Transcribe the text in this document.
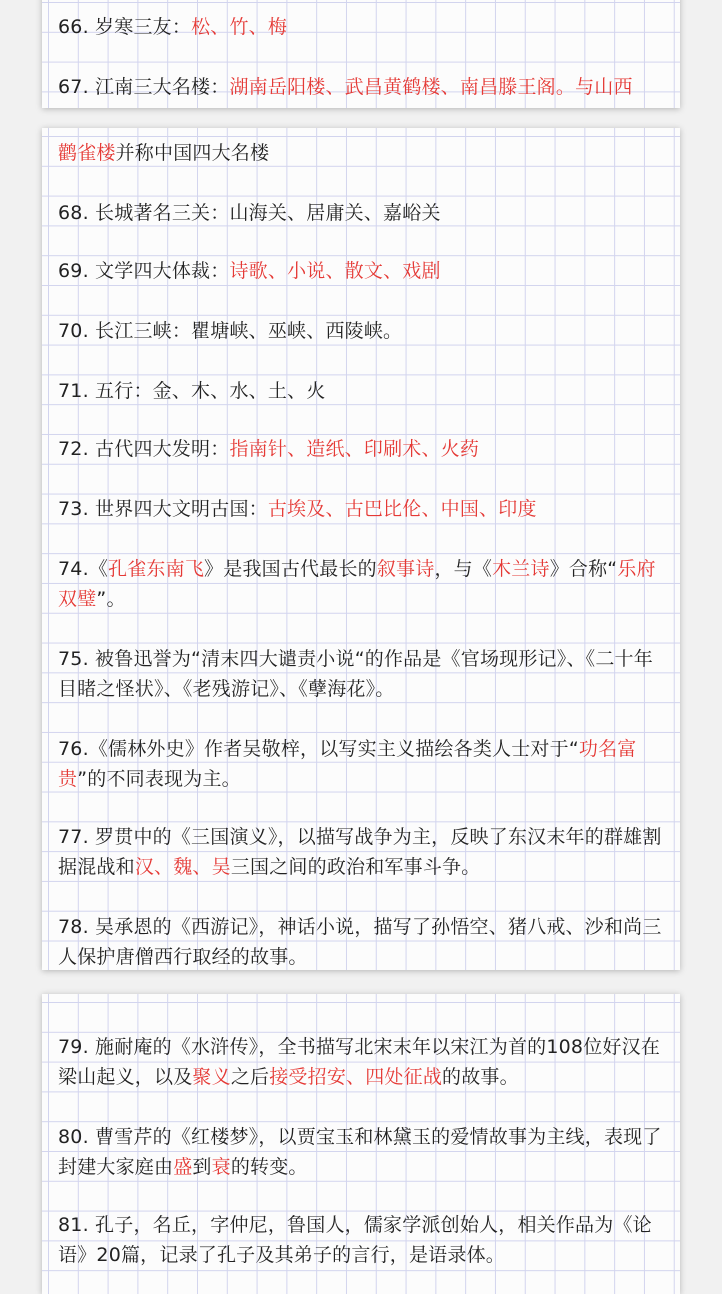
66. 岁寒三友：松、竹、梅
67. 江南三大名楼：湖南岳阳楼、武昌黄鹤楼、南昌滕王阁。与山西
鹳雀楼并称中国四大名楼
68. 长城著名三关：山海关、居庸关、嘉峪关
69. 文学四大体裁：诗歌、小说、散文、戏剧
70. 长江三峡：瞿塘峡、巫峡、西陵峡。
71. 五行：金、木、水、土、火
72. 古代四大发明：指南针、造纸、印刷术、火药
73. 世界四大文明古国：古埃及、古巴比伦、中国、印度
74.《孔雀东南飞》是我国古代最长的叙事诗，与《木兰诗》合称“乐府双璧”。
75. 被鲁迅誉为“清末四大谴责小说“的作品是《官场现形记》、《二十年目睹之怪状》、《老残游记》、《孽海花》。
76.《儒林外史》作者吴敬梓，以写实主义描绘各类人士对于“功名富贵”的不同表现为主。
77. 罗贯中的《三国演义》，以描写战争为主，反映了东汉末年的群雄割据混战和汉、魏、吴三国之间的政治和军事斗争。
78. 吴承恩的《西游记》，神话小说，描写了孙悟空、猪八戒、沙和尚三人保护唐僧西行取经的故事。
79. 施耐庵的《水浒传》，全书描写北宋末年以宋江为首的108位好汉在梁山起义，以及聚义之后接受招安、四处征战的故事。
80. 曹雪芹的《红楼梦》，以贾宝玉和林黛玉的爱情故事为主线，表现了封建大家庭由盛到衰的转变。
81. 孔子，名丘，字仲尼，鲁国人，儒家学派创始人，相关作品为《论语》20篇，记录了孔子及其弟子的言行，是语录体。
